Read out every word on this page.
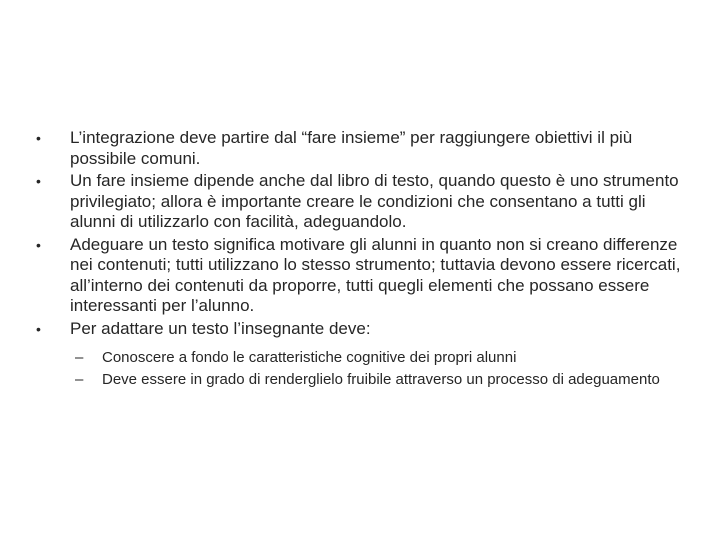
•	L’integrazione deve partire dal “fare insieme” per raggiungere obiettivi il più possibile comuni.
•	Un fare insieme dipende anche dal libro di testo, quando questo è uno strumento privilegiato; allora è importante creare le condizioni che consentano a tutti gli alunni di utilizzarlo con facilità, adeguandolo.
•	Adeguare un testo significa motivare gli alunni in quanto non si creano differenze nei contenuti; tutti utilizzano lo stesso strumento; tuttavia devono essere ricercati, all’interno dei contenuti da proporre, tutti quegli elementi che possano essere interessanti per l’alunno.
•	Per adattare un testo l’insegnante deve:
– Conoscere a fondo le caratteristiche cognitive dei propri alunni
– Deve essere in grado di renderglielo fruibile attraverso un processo di adeguamento
